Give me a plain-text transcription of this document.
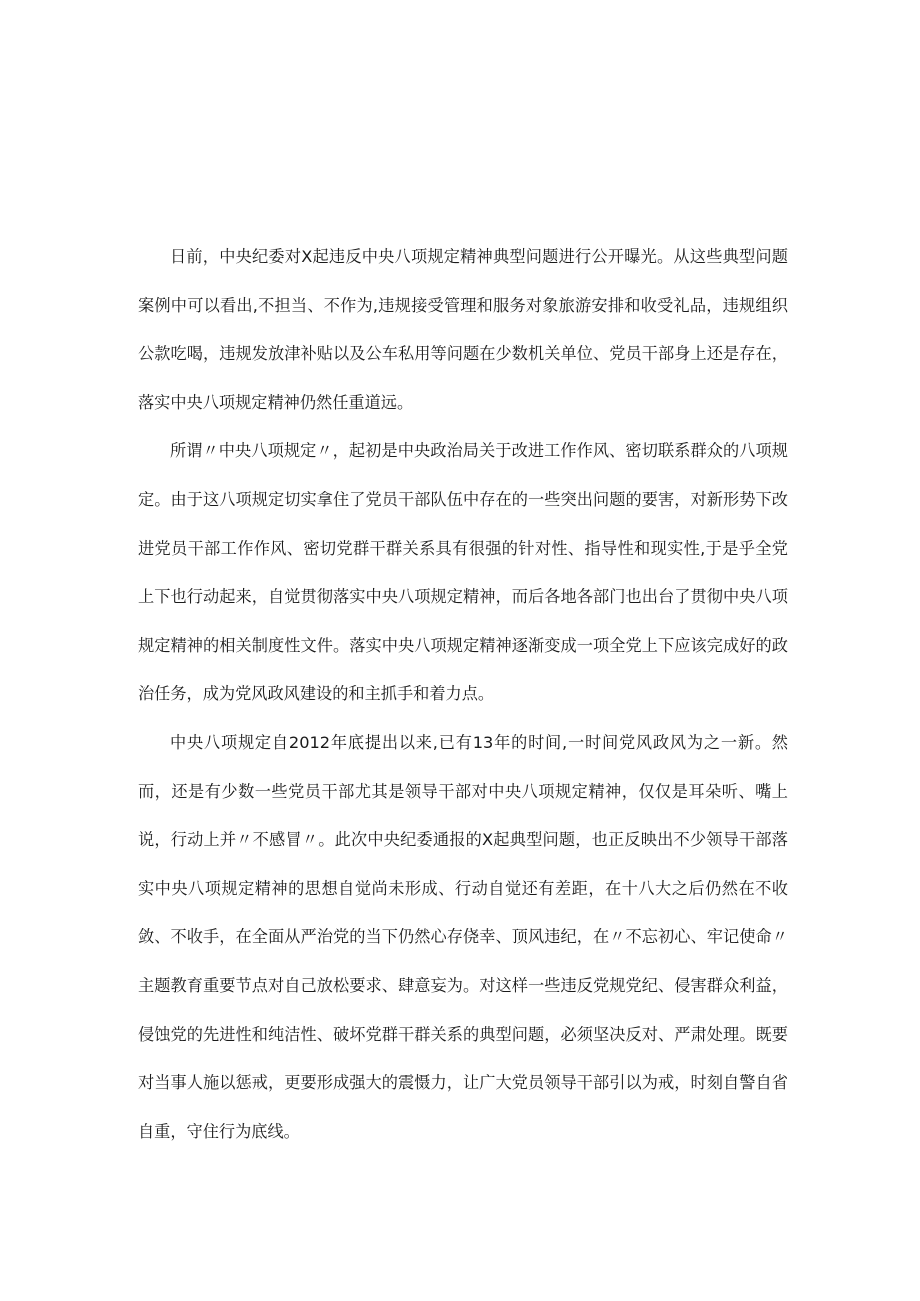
日前，中央纪委对X起违反中央八项规定精神典型问题进行公开曝光。从这些典型问题案例中可以看出,不担当、不作为,违规接受管理和服务对象旅游安排和收受礼品，违规组织公款吃喝，违规发放津补贴以及公车私用等问题在少数机关单位、党员干部身上还是存在，落实中央八项规定精神仍然任重道远。

所谓〃中央八项规定〃，起初是中央政治局关于改进工作作风、密切联系群众的八项规定。由于这八项规定切实拿住了党员干部队伍中存在的一些突出问题的要害，对新形势下改进党员干部工作作风、密切党群干群关系具有很强的针对性、指导性和现实性,于是乎全党上下也行动起来，自觉贯彻落实中央八项规定精神，而后各地各部门也出台了贯彻中央八项规定精神的相关制度性文件。落实中央八项规定精神逐渐变成一项全党上下应该完成好的政治任务，成为党风政风建设的和主抓手和着力点。

中央八项规定自2012年底提出以来,已有13年的时间,一时间党风政风为之一新。然而，还是有少数一些党员干部尤其是领导干部对中央八项规定精神，仅仅是耳朵听、嘴上说，行动上并〃不感冒〃。此次中央纪委通报的X起典型问题，也正反映出不少领导干部落实中央八项规定精神的思想自觉尚未形成、行动自觉还有差距，在十八大之后仍然在不收敛、不收手，在全面从严治党的当下仍然心存侥幸、顶风违纪，在〃不忘初心、牢记使命〃主题教育重要节点对自己放松要求、肆意妄为。对这样一些违反党规党纪、侵害群众利益，侵蚀党的先进性和纯洁性、破坏党群干群关系的典型问题，必须坚决反对、严肃处理。既要对当事人施以惩戒，更要形成强大的震慑力，让广大党员领导干部引以为戒，时刻自警自省自重，守住行为底线。
